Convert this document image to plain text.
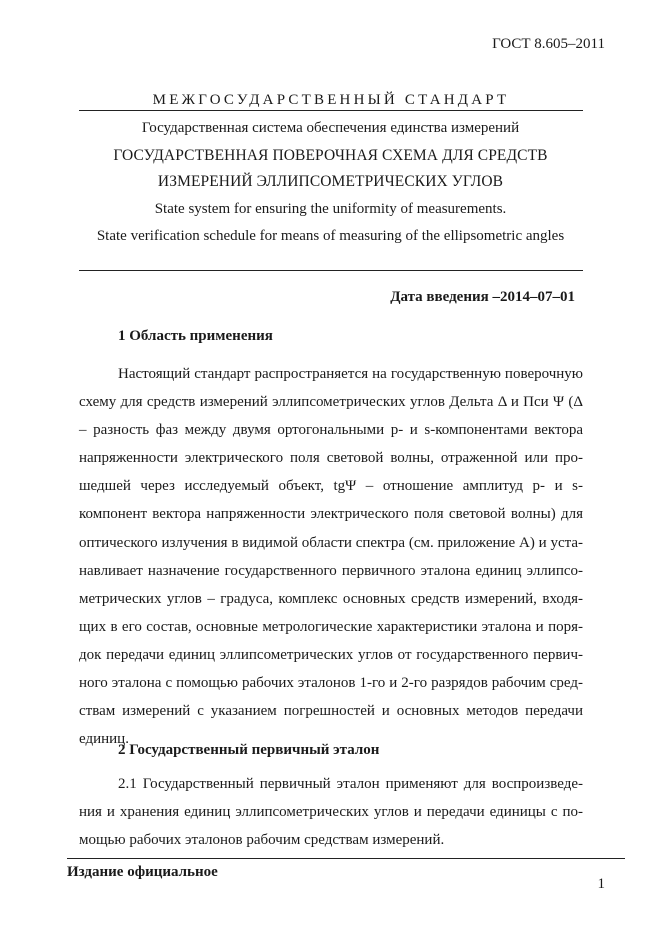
ГОСТ 8.605–2011
МЕЖГОСУДАРСТВЕННЫЙ СТАНДАРТ
Государственная система обеспечения единства измерений
ГОСУДАРСТВЕННАЯ ПОВЕРОЧНАЯ СХЕМА ДЛЯ СРЕДСТВ
ИЗМЕРЕНИЙ ЭЛЛИПСОМЕТРИЧЕСКИХ УГЛОВ
State system for ensuring the uniformity of measurements.
State verification schedule for means of measuring of the ellipsometric angles
Дата введения –2014–07–01
1 Область применения

Настоящий стандарт распространяется на государственную поверочную схему для средств измерений эллипсометрических углов Дельта Δ и Пси Ψ (Δ – разность фаз между двумя ортогональными p- и s-компонентами вектора напряженности электрического поля световой волны, отраженной или прошедшей через исследуемый объект, tgΨ – отношение амплитуд p- и s-компонент вектора напряженности электрического поля световой волны) для оптического излучения в видимой области спектра (см. приложение А) и устанавливает назначение государственного первичного эталона единиц эллипсометрических углов – градуса, комплекс основных средств измерений, входящих в его состав, основные метрологические характеристики эталона и порядок передачи единиц эллипсометрических углов от государственного первичного эталона с помощью рабочих эталонов 1-го и 2-го разрядов рабочим средствам измерений с указанием погрешностей и основных методов передачи единиц.

2 Государственный первичный эталон

2.1 Государственный первичный эталон применяют для воспроизведения и хранения единиц эллипсометрических углов и передачи единицы с помощью рабочих эталонов рабочим средствам измерений.

Издание официальное
1
